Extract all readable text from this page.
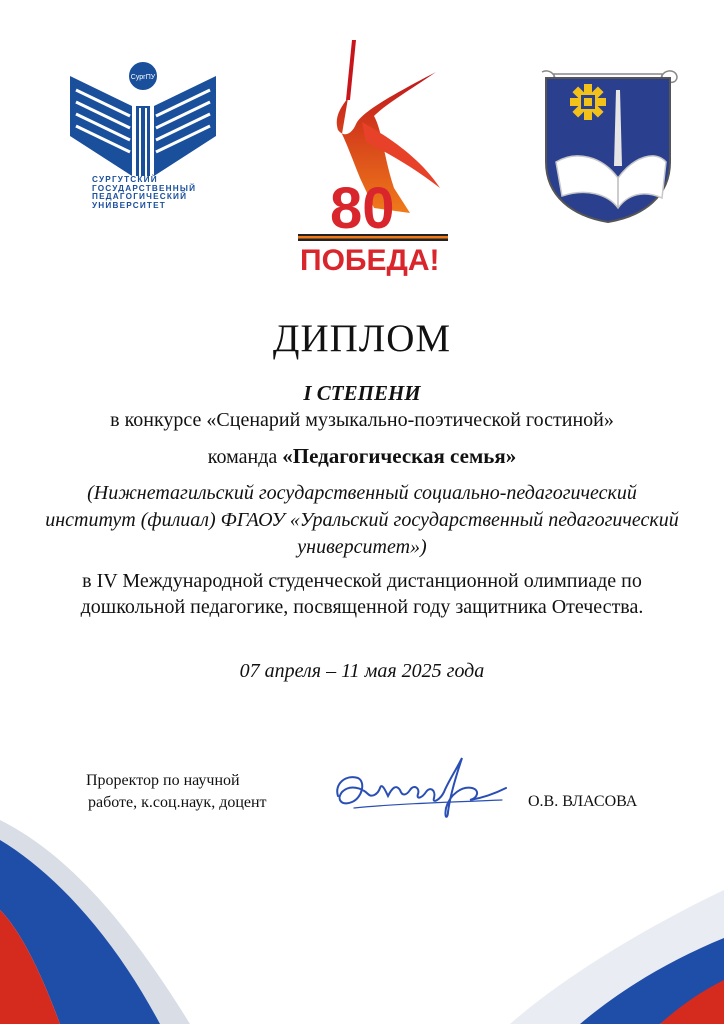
СургПУ
СУРГУТСКИЙ
ГОСУДАРСТВЕННЫЙ
ПЕДАГОГИЧЕСКИЙ
УНИВЕРСИТЕТ	80
ПОБЕДА!
ДИПЛОМ
I СТЕПЕНИ
в конкурсе «Сценарий музыкально-поэтической гостиной»
команда «Педагогическая семья»
(Нижнетагильский государственный социально-педагогический институт (филиал) ФГАОУ «Уральский государственный педагогический университет»)
в IV Международной студенческой дистанционной олимпиаде по дошкольной педагогике, посвященной году защитника Отечества.
07 апреля – 11 мая 2025 года
Проректор по научной
работе, к.соц.наук, доцент	О.В. ВЛАСОВА
